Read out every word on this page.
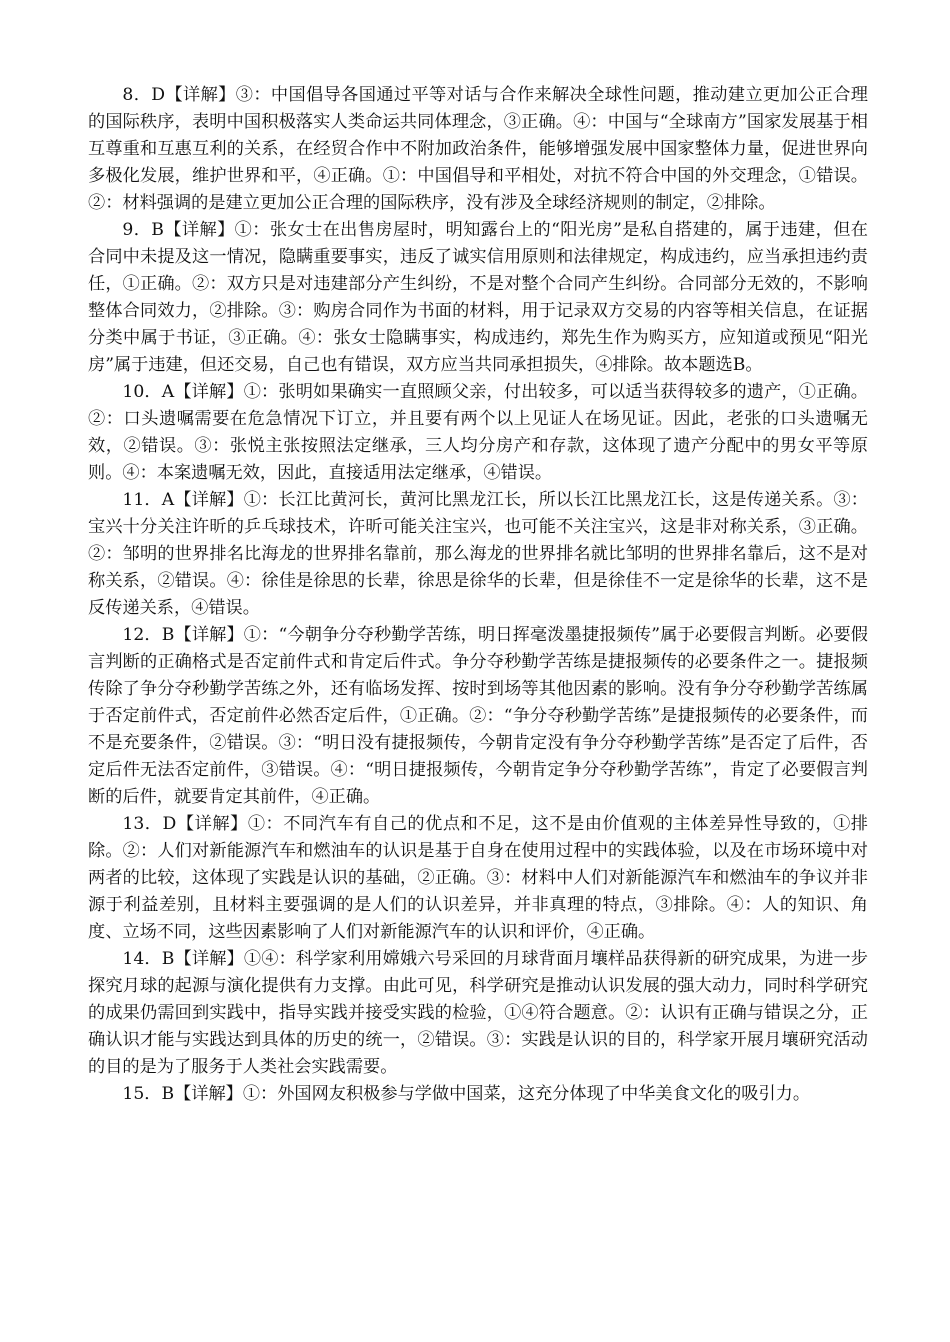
8．D【详解】③：中国倡导各国通过平等对话与合作来解决全球性问题，推动建立更加公正合理的国际秩序，表明中国积极落实人类命运共同体理念，③正确。④：中国与“全球南方”国家发展基于相互尊重和互惠互利的关系，在经贸合作中不附加政治条件，能够增强发展中国家整体力量，促进世界向多极化发展，维护世界和平，④正确。①：中国倡导和平相处，对抗不符合中国的外交理念，①错误。②：材料强调的是建立更加公正合理的国际秩序，没有涉及全球经济规则的制定，②排除。

9．B【详解】①：张女士在出售房屋时，明知露台上的“阳光房”是私自搭建的，属于违建，但在合同中未提及这一情况，隐瞒重要事实，违反了诚实信用原则和法律规定，构成违约，应当承担违约责任，①正确。②：双方只是对违建部分产生纠纷，不是对整个合同产生纠纷。合同部分无效的，不影响整体合同效力，②排除。③：购房合同作为书面的材料，用于记录双方交易的内容等相关信息，在证据分类中属于书证，③正确。④：张女士隐瞒事实，构成违约，郑先生作为购买方，应知道或预见“阳光房”属于违建，但还交易，自己也有错误，双方应当共同承担损失，④排除。故本题选B。

10．A【详解】①：张明如果确实一直照顾父亲，付出较多，可以适当获得较多的遗产，①正确。②：口头遗嘱需要在危急情况下订立，并且要有两个以上见证人在场见证。因此，老张的口头遗嘱无效，②错误。③：张悦主张按照法定继承，三人均分房产和存款，这体现了遗产分配中的男女平等原则。④：本案遗嘱无效，因此，直接适用法定继承，④错误。

11．A【详解】①：长江比黄河长，黄河比黑龙江长，所以长江比黑龙江长，这是传递关系。③：宝兴十分关注许昕的乒乓球技术，许昕可能关注宝兴，也可能不关注宝兴，这是非对称关系，③正确。②：邹明的世界排名比海龙的世界排名靠前，那么海龙的世界排名就比邹明的世界排名靠后，这不是对称关系，②错误。④：徐佳是徐思的长辈，徐思是徐华的长辈，但是徐佳不一定是徐华的长辈，这不是反传递关系，④错误。

12．B【详解】①：“今朝争分夺秒勤学苦练，明日挥毫泼墨捷报频传”属于必要假言判断。必要假言判断的正确格式是否定前件式和肯定后件式。争分夺秒勤学苦练是捷报频传的必要条件之一。捷报频传除了争分夺秒勤学苦练之外，还有临场发挥、按时到场等其他因素的影响。没有争分夺秒勤学苦练属于否定前件式，否定前件必然否定后件，①正确。②：“争分夺秒勤学苦练”是捷报频传的必要条件，而不是充要条件，②错误。③：“明日没有捷报频传，今朝肯定没有争分夺秒勤学苦练”是否定了后件，否定后件无法否定前件，③错误。④：“明日捷报频传，今朝肯定争分夺秒勤学苦练”，肯定了必要假言判断的后件，就要肯定其前件，④正确。

13．D【详解】①：不同汽车有自己的优点和不足，这不是由价值观的主体差异性导致的，①排除。②：人们对新能源汽车和燃油车的认识是基于自身在使用过程中的实践体验，以及在市场环境中对两者的比较，这体现了实践是认识的基础，②正确。③：材料中人们对新能源汽车和燃油车的争议并非源于利益差别，且材料主要强调的是人们的认识差异，并非真理的特点，③排除。④：人的知识、角度、立场不同，这些因素影响了人们对新能源汽车的认识和评价，④正确。

14．B【详解】①④：科学家利用嫦娥六号采回的月球背面月壤样品获得新的研究成果，为进一步探究月球的起源与演化提供有力支撑。由此可见，科学研究是推动认识发展的强大动力，同时科学研究的成果仍需回到实践中，指导实践并接受实践的检验，①④符合题意。②：认识有正确与错误之分，正确认识才能与实践达到具体的历史的统一，②错误。③：实践是认识的目的，科学家开展月壤研究活动的目的是为了服务于人类社会实践需要。

15．B【详解】①：外国网友积极参与学做中国菜，这充分体现了中华美食文化的吸引力。
